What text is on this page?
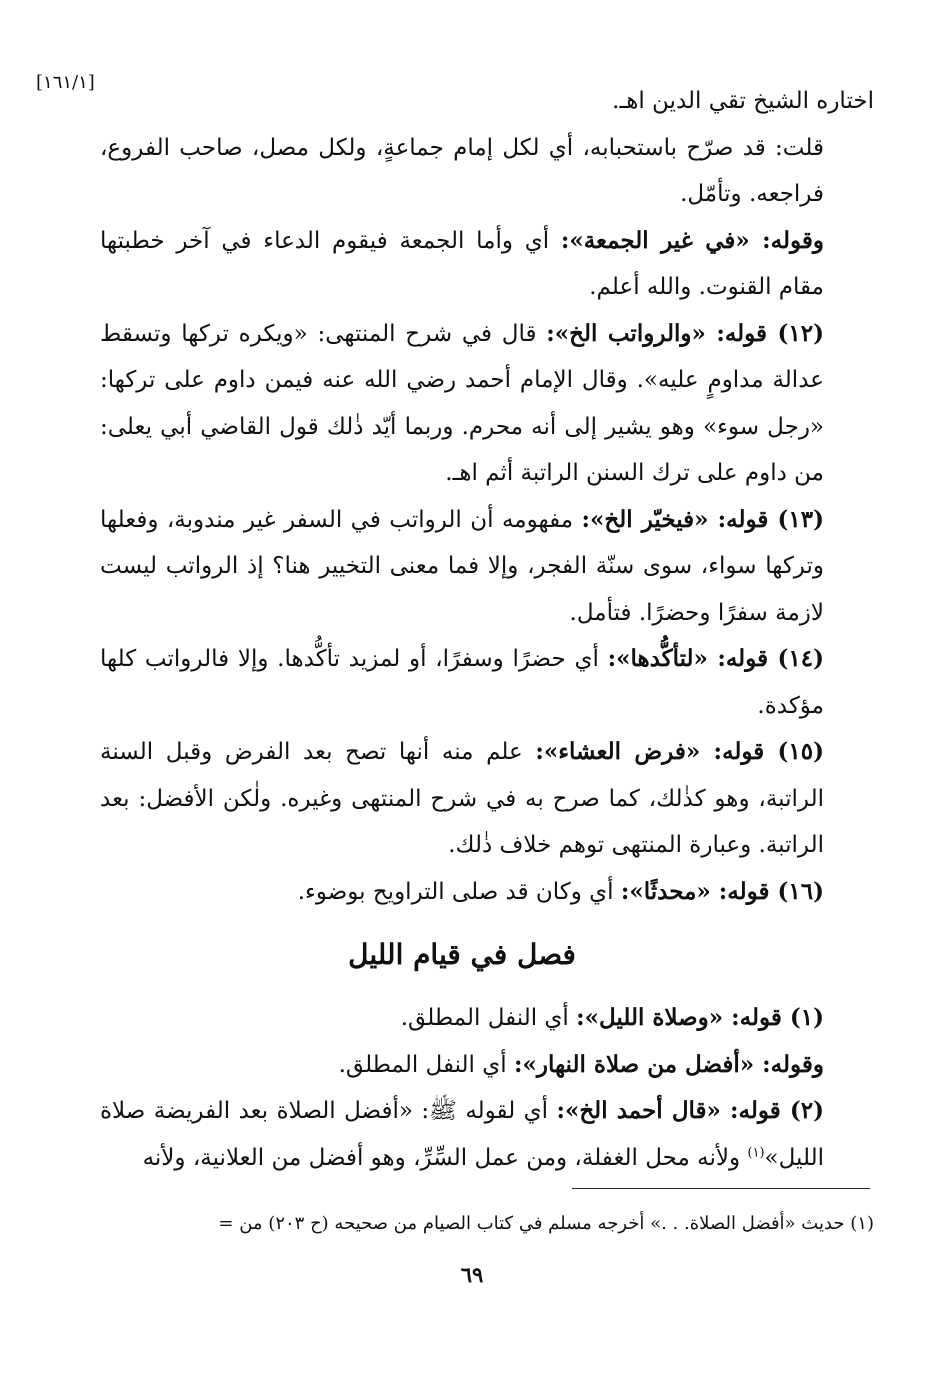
[١٦١/١]

اختاره الشيخ تقي الدين اهـ.

قلت: قد صرّح باستحبابه، أي لكل إمام جماعةٍ، ولكل مصل، صاحب الفروع، فراجعه. وتأمّل.

وقوله: «في غير الجمعة»: أي وأما الجمعة فيقوم الدعاء في آخر خطبتها مقام القنوت. والله أعلم.

(١٢) قوله: «والرواتب الخ»: قال في شرح المنتهى: «ويكره تركها وتسقط عدالة مداومٍ عليه». وقال الإمام أحمد رضي الله عنه فيمن داوم على تركها: «رجل سوء» وهو يشير إلى أنه محرم. وربما أيّد ذٰلك قول القاضي أبي يعلى: من داوم على ترك السنن الراتبة أثم اهـ.

(١٣) قوله: «فيخيّر الخ»: مفهومه أن الرواتب في السفر غير مندوبة، وفعلها وتركها سواء، سوى سنّة الفجر، وإلا فما معنى التخيير هنا؟ إذ الرواتب ليست لازمة سفرًا وحضرًا. فتأمل.

(١٤) قوله: «لتأكُّدها»: أي حضرًا وسفرًا، أو لمزيد تأكُّدها. وإلا فالرواتب كلها مؤكدة.

(١٥) قوله: «فرض العشاء»: علم منه أنها تصح بعد الفرض وقبل السنة الراتبة، وهو كذٰلك، كما صرح به في شرح المنتهى وغيره. ولٰكن الأفضل: بعد الراتبة. وعبارة المنتهى توهم خلاف ذٰلك.

(١٦) قوله: «محدثًا»: أي وكان قد صلى التراويح بوضوء.

فصل في قيام الليل

(١) قوله: «وصلاة الليل»: أي النفل المطلق.

وقوله: «أفضل من صلاة النهار»: أي النفل المطلق.

(٢) قوله: «قال أحمد الخ»: أي لقوله ﷺ: «أفضل الصلاة بعد الفريضة صلاة الليل»$^{(١)}$ ولأنه محل الغفلة، ومن عمل السِّرِّ، وهو أفضل من العلانية، ولأنه

(١) حديث «أفضل الصلاة. . .» أخرجه مسلم في كتاب الصيام من صحيحه (ح ٢٠٣) من =
٦٩
